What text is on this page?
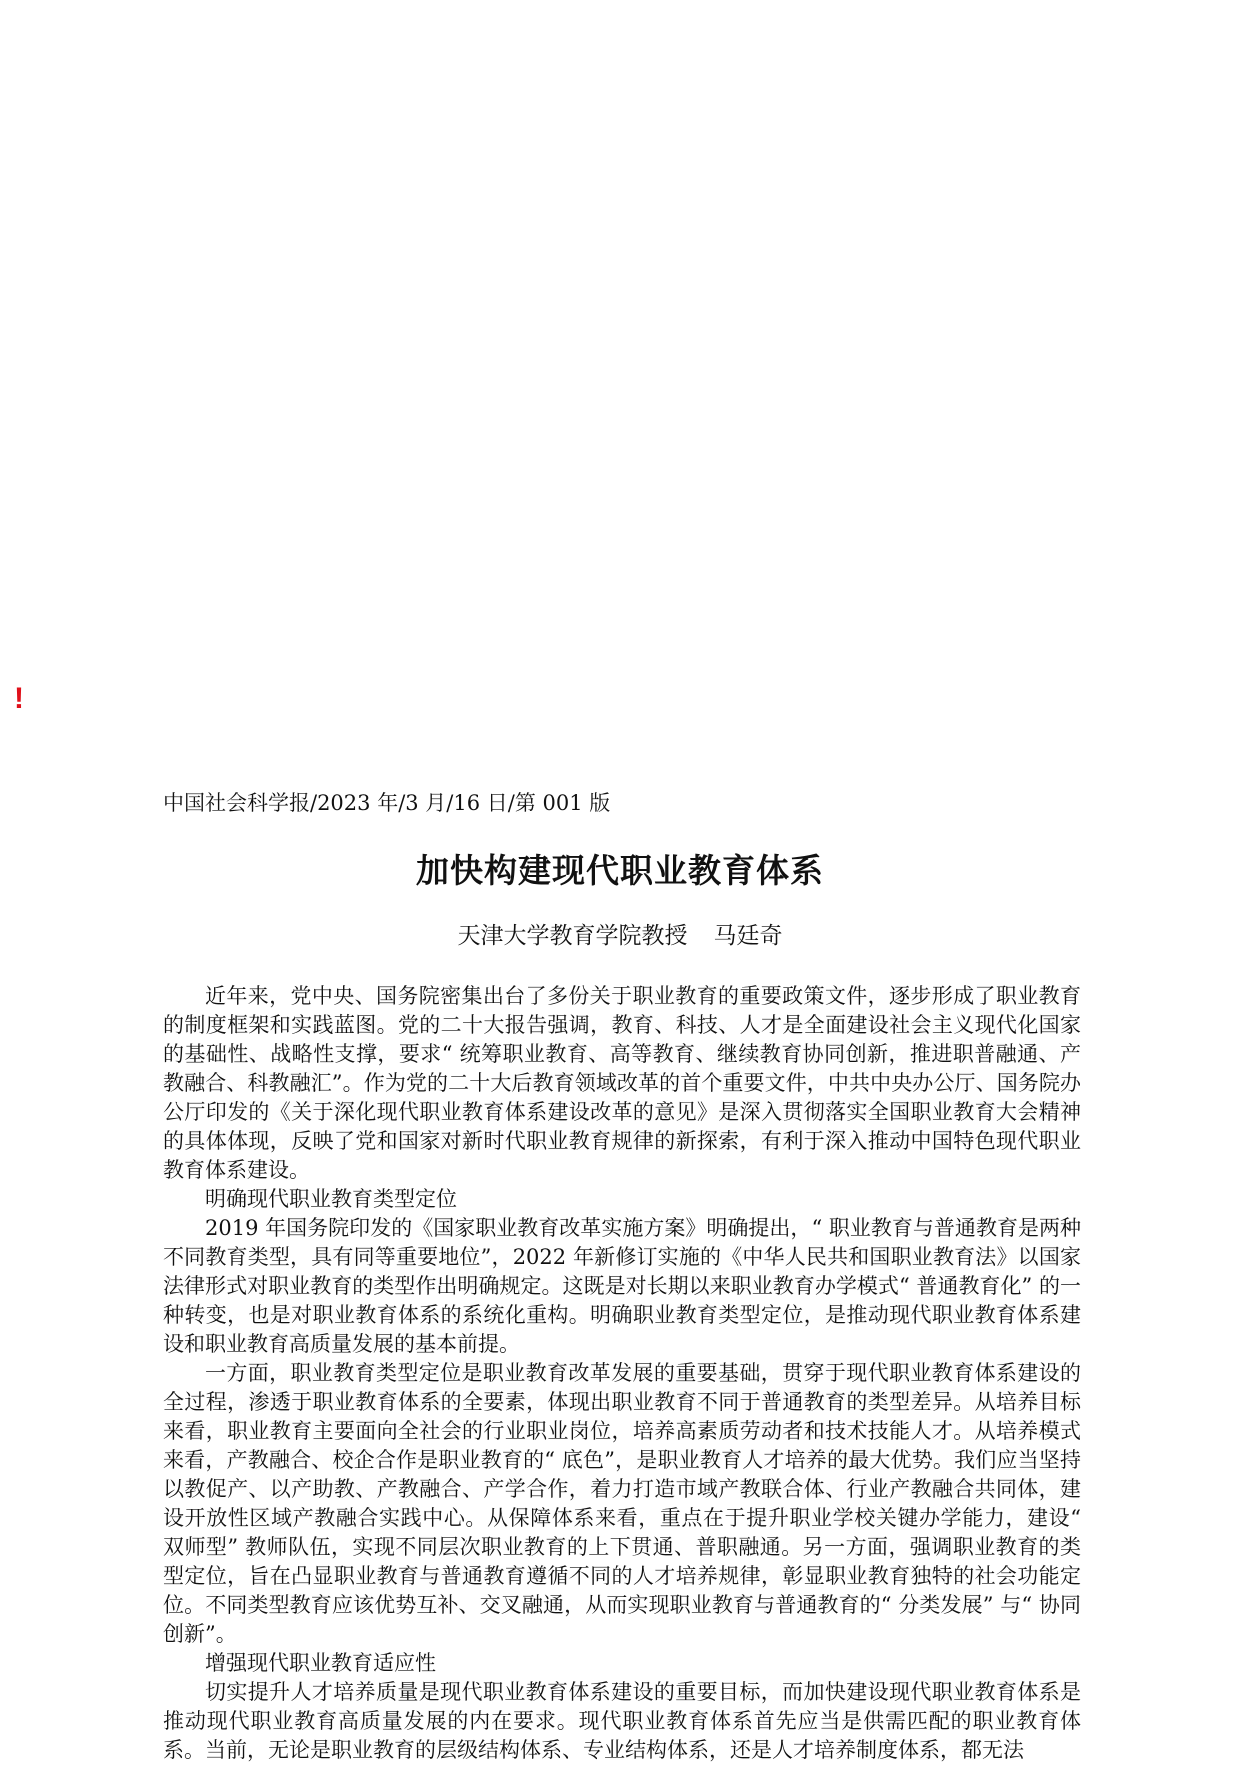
!
中国社会科学报/2023 年/3 月/16 日/第 001 版
加快构建现代职业教育体系
天津大学教育学院教授 马廷奇

近年来，党中央、国务院密集出台了多份关于职业教育的重要政策文件，逐步形成了职业教育的制度框架和实践蓝图。党的二十大报告强调，教育、科技、人才是全面建设社会主义现代化国家的基础性、战略性支撑，要求“ 统筹职业教育、高等教育、继续教育协同创新，推进职普融通、产教融合、科教融汇”。作为党的二十大后教育领域改革的首个重要文件，中共中央办公厅、国务院办公厅印发的《关于深化现代职业教育体系建设改革的意见》是深入贯彻落实全国职业教育大会精神的具体体现，反映了党和国家对新时代职业教育规律的新探索，有利于深入推动中国特色现代职业教育体系建设。

明确现代职业教育类型定位

2019 年国务院印发的《国家职业教育改革实施方案》明确提出，“ 职业教育与普通教育是两种不同教育类型，具有同等重要地位”，2022 年新修订实施的《中华人民共和国职业教育法》以国家法律形式对职业教育的类型作出明确规定。这既是对长期以来职业教育办学模式“ 普通教育化” 的一种转变，也是对职业教育体系的系统化重构。明确职业教育类型定位，是推动现代职业教育体系建设和职业教育高质量发展的基本前提。

一方面，职业教育类型定位是职业教育改革发展的重要基础，贯穿于现代职业教育体系建设的全过程，渗透于职业教育体系的全要素，体现出职业教育不同于普通教育的类型差异。从培养目标来看，职业教育主要面向全社会的行业职业岗位，培养高素质劳动者和技术技能人才。从培养模式来看，产教融合、校企合作是职业教育的“ 底色”，是职业教育人才培养的最大优势。我们应当坚持以教促产、以产助教、产教融合、产学合作，着力打造市域产教联合体、行业产教融合共同体，建设开放性区域产教融合实践中心。从保障体系来看，重点在于提升职业学校关键办学能力，建设“ 双师型” 教师队伍，实现不同层次职业教育的上下贯通、普职融通。另一方面，强调职业教育的类型定位，旨在凸显职业教育与普通教育遵循不同的人才培养规律，彰显职业教育独特的社会功能定位。不同类型教育应该优势互补、交叉融通，从而实现职业教育与普通教育的“ 分类发展” 与“ 协同创新”。

增强现代职业教育适应性

切实提升人才培养质量是现代职业教育体系建设的重要目标，而加快建设现代职业教育体系是推动现代职业教育高质量发展的内在要求。现代职业教育体系首先应当是供需匹配的职业教育体系。当前，无论是职业教育的层级结构体系、专业结构体系，还是人才培养制度体系，都无法
